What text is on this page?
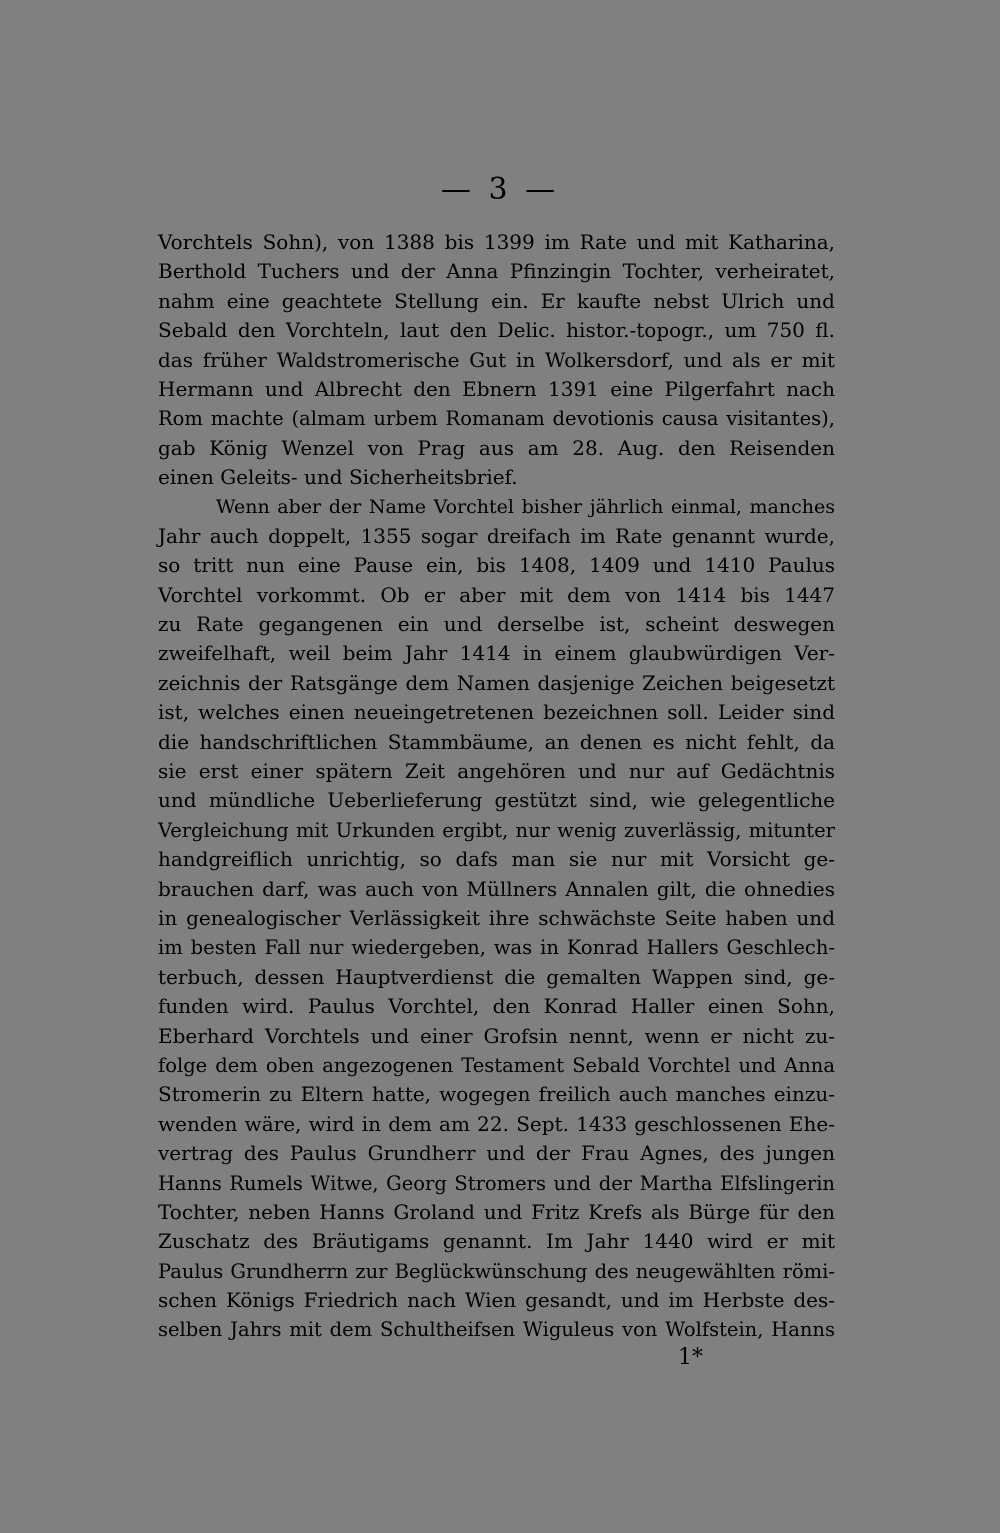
— 3 —
Vorchtels Sohn), von 1388 bis 1399 im Rate und mit Katharina,
Berthold Tuchers und der Anna Pfinzingin Tochter, verheiratet,
nahm eine geachtete Stellung ein. Er kaufte nebst Ulrich und
Sebald den Vorchteln, laut den Delic. histor.-topogr., um 750 fl.
das früher Waldstromerische Gut in Wolkersdorf, und als er mit
Hermann und Albrecht den Ebnern 1391 eine Pilgerfahrt nach
Rom machte (almam urbem Romanam devotionis causa visitantes),
gab König Wenzel von Prag aus am 28. Aug. den Reisenden
einen Geleits- und Sicherheitsbrief.
Wenn aber der Name Vorchtel bisher jährlich einmal, manches
Jahr auch doppelt, 1355 sogar dreifach im Rate genannt wurde,
so tritt nun eine Pause ein, bis 1408, 1409 und 1410 Paulus
Vorchtel vorkommt. Ob er aber mit dem von 1414 bis 1447
zu Rate gegangenen ein und derselbe ist, scheint deswegen
zweifelhaft, weil beim Jahr 1414 in einem glaubwürdigen Ver-
zeichnis der Ratsgänge dem Namen dasjenige Zeichen beigesetzt
ist, welches einen neueingetretenen bezeichnen soll. Leider sind
die handschriftlichen Stammbäume, an denen es nicht fehlt, da
sie erst einer spätern Zeit angehören und nur auf Gedächtnis
und mündliche Ueberlieferung gestützt sind, wie gelegentliche
Vergleichung mit Urkunden ergibt, nur wenig zuverlässig, mitunter
handgreiflich unrichtig, so dafs man sie nur mit Vorsicht ge-
brauchen darf, was auch von Müllners Annalen gilt, die ohnedies
in genealogischer Verlässigkeit ihre schwächste Seite haben und
im besten Fall nur wiedergeben, was in Konrad Hallers Geschlech-
terbuch, dessen Hauptverdienst die gemalten Wappen sind, ge-
funden wird. Paulus Vorchtel, den Konrad Haller einen Sohn,
Eberhard Vorchtels und einer Grofsin nennt, wenn er nicht zu-
folge dem oben angezogenen Testament Sebald Vorchtel und Anna
Stromerin zu Eltern hatte, wogegen freilich auch manches einzu-
wenden wäre, wird in dem am 22. Sept. 1433 geschlossenen Ehe-
vertrag des Paulus Grundherr und der Frau Agnes, des jungen
Hanns Rumels Witwe, Georg Stromers und der Martha Elfslingerin
Tochter, neben Hanns Groland und Fritz Krefs als Bürge für den
Zuschatz des Bräutigams genannt. Im Jahr 1440 wird er mit
Paulus Grundherrn zur Beglückwünschung des neugewählten römi-
schen Königs Friedrich nach Wien gesandt, und im Herbste des-
selben Jahrs mit dem Schultheifsen Wiguleus von Wolfstein, Hanns
1*
